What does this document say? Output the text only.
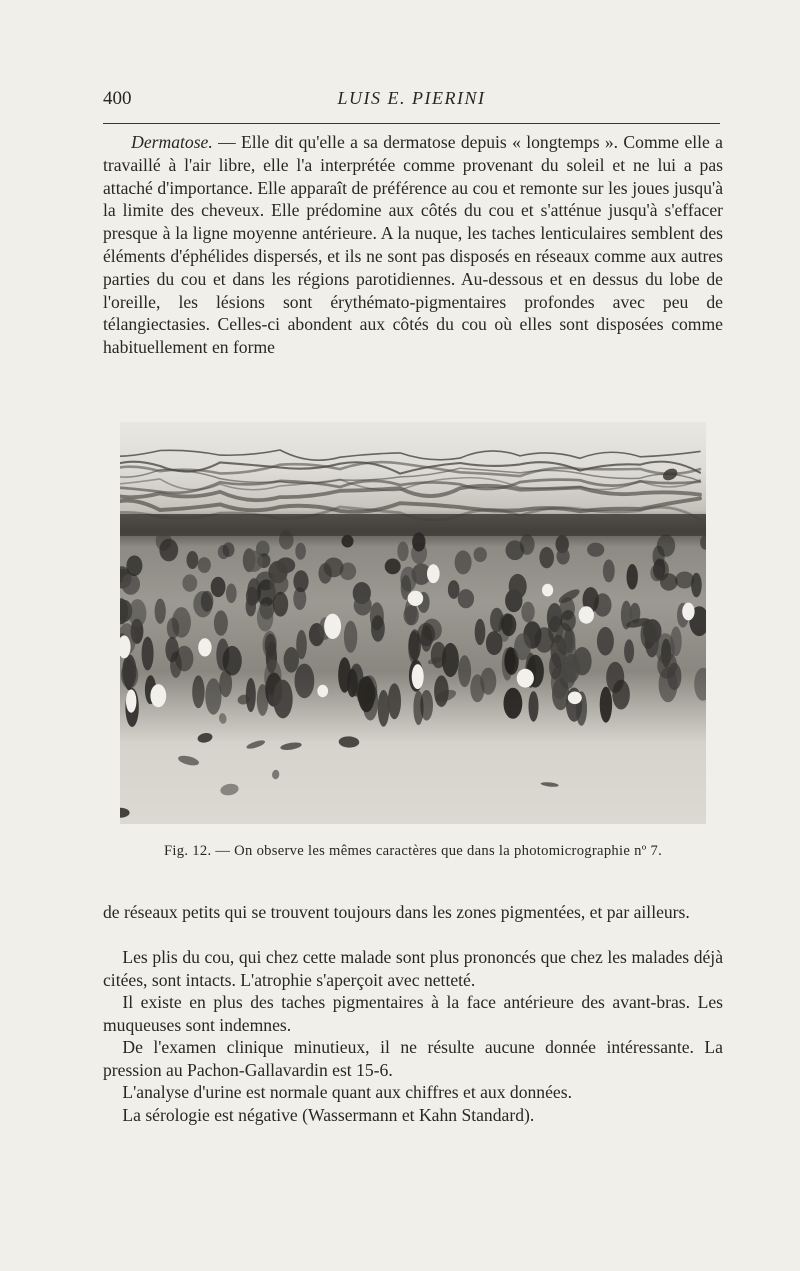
400	LUIS E. PIERINI

Dermatose. — Elle dit qu'elle a sa dermatose depuis « longtemps ». Comme elle a travaillé à l'air libre, elle l'a interprétée comme provenant du soleil et ne lui a pas attaché d'importance. Elle apparaît de préférence au cou et remonte sur les joues jusqu'à la limite des cheveux. Elle prédomine aux côtés du cou et s'atténue jusqu'à s'effacer presque à la ligne moyenne antérieure. A la nuque, les taches lenticulaires semblent des éléments d'éphélides dispersés, et ils ne sont pas disposés en réseaux comme aux autres parties du cou et dans les régions parotidiennes. Au-dessous et en dessus du lobe de l'oreille, les lésions sont érythémato-pigmentaires profondes avec peu de télangiectasies. Celles-ci abondent aux côtés du cou où elles sont disposées comme habituellement en forme

Fig. 12. — On observe les mêmes caractères que dans la photomicrographie nº 7.

de réseaux petits qui se trouvent toujours dans les zones pigmentées, et par ailleurs.

Les plis du cou, qui chez cette malade sont plus prononcés que chez les malades déjà citées, sont intacts. L'atrophie s'aperçoit avec netteté.

Il existe en plus des taches pigmentaires à la face antérieure des avant-bras. Les muqueuses sont indemnes.

De l'examen clinique minutieux, il ne résulte aucune donnée intéressante. La pression au Pachon-Gallavardin est 15-6.

L'analyse d'urine est normale quant aux chiffres et aux données.

La sérologie est négative (Wassermann et Kahn Standard).
